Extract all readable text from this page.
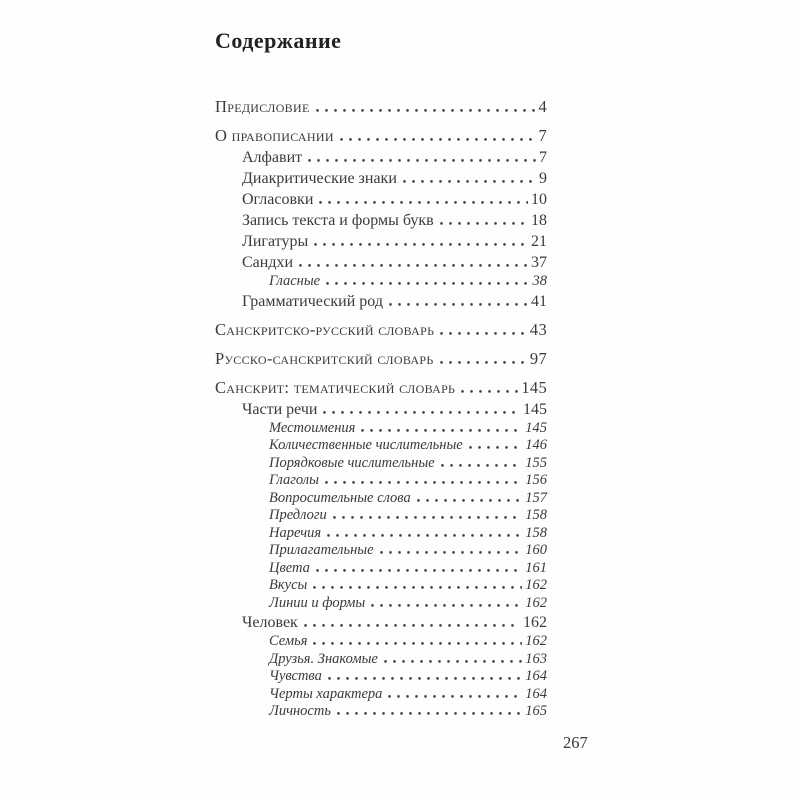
Содержание
Предисловие	4
О правописании	7
Алфавит	7
Диакритические знаки	9
Огласовки	10
Запись текста и формы букв	18
Лигатуры	21
Сандхи	37
Гласные	38
Грамматический род	41
Санскритско-русский словарь	43
Русско-санскритский словарь	97
Санскрит: тематический словарь	145
Части речи	145
Местоимения	145
Количественные числительные	146
Порядковые числительные	155
Глаголы	156
Вопросительные слова	157
Предлоги	158
Наречия	158
Прилагательные	160
Цвета	161
Вкусы	162
Линии и формы	162
Человек	162
Семья	162
Друзья. Знакомые	163
Чувства	164
Черты характера	164
Личность	165
267
